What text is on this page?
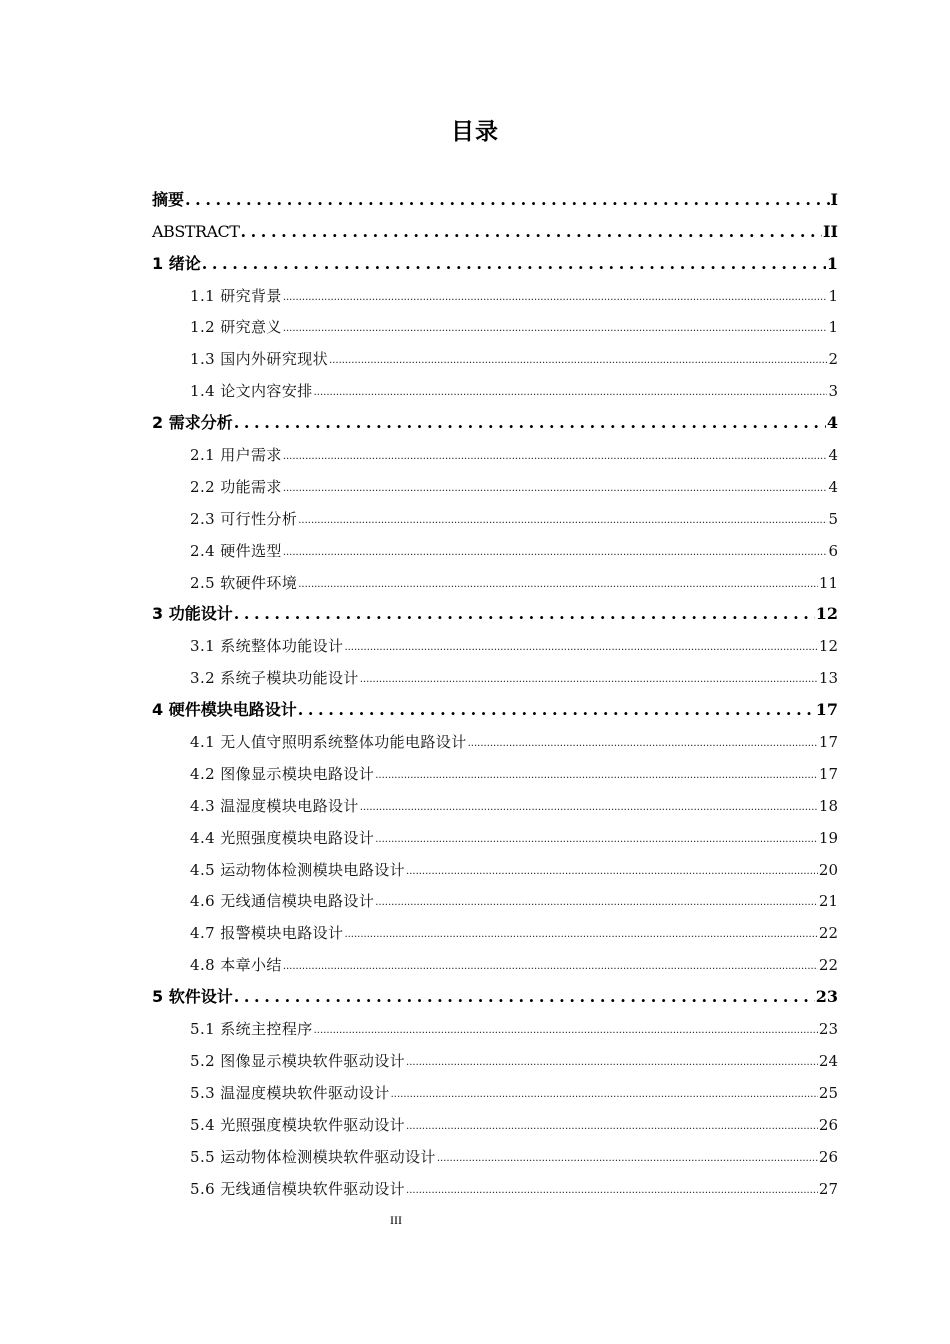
目录
摘要 .....	I
ABSTRACT .....	II
1 绪论 .....	1
1.1 研究背景 .....	1
1.2 研究意义 .....	1
1.3 国内外研究现状 .....	2
1.4 论文内容安排 .....	3
2 需求分析 .....	4
2.1 用户需求 .....	4
2.2 功能需求 .....	4
2.3 可行性分析 .....	5
2.4 硬件选型 .....	6
2.5 软硬件环境 .....	11
3 功能设计 .....	12
3.1 系统整体功能设计 .....	12
3.2 系统子模块功能设计 .....	13
4 硬件模块电路设计 .....	17
4.1 无人值守照明系统整体功能电路设计 .....	17
4.2 图像显示模块电路设计 .....	17
4.3 温湿度模块电路设计 .....	18
4.4 光照强度模块电路设计 .....	19
4.5 运动物体检测模块电路设计 .....	20
4.6 无线通信模块电路设计 .....	21
4.7 报警模块电路设计 .....	22
4.8 本章小结 .....	22
5 软件设计 .....	23
5.1 系统主控程序 .....	23
5.2 图像显示模块软件驱动设计 .....	24
5.3 温湿度模块软件驱动设计 .....	25
5.4 光照强度模块软件驱动设计 .....	26
5.5 运动物体检测模块软件驱动设计 .....	26
5.6 无线通信模块软件驱动设计 .....	27
III
